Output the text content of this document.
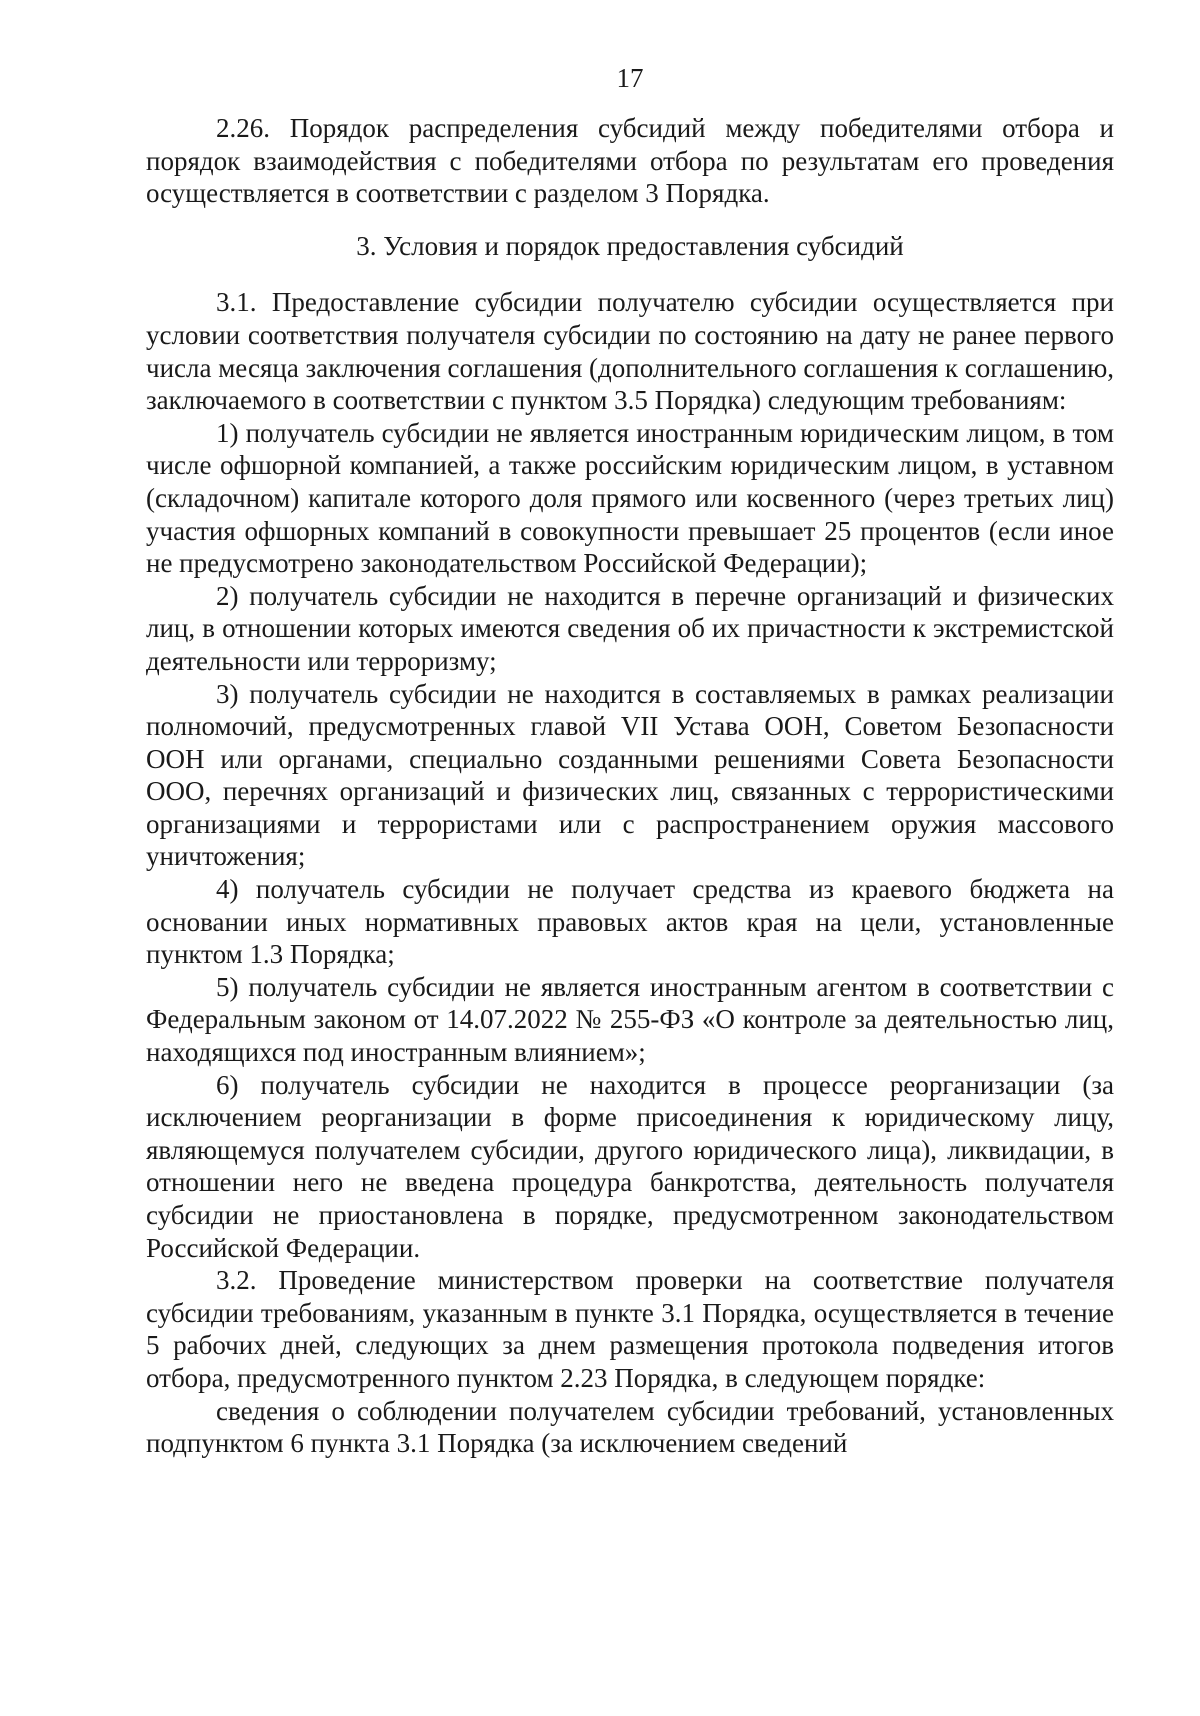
17

2.26. Порядок распределения субсидий между победителями отбора и порядок взаимодействия с победителями отбора по результатам его проведения осуществляется в соответствии с разделом 3 Порядка.

3. Условия и порядок предоставления субсидий

3.1. Предоставление субсидии получателю субсидии осуществляется при условии соответствия получателя субсидии по состоянию на дату не ранее первого числа месяца заключения соглашения (дополнительного соглашения к соглашению, заключаемого в соответствии с пунктом 3.5 Порядка) следующим требованиям:

1) получатель субсидии не является иностранным юридическим лицом, в том числе офшорной компанией, а также российским юридическим лицом, в уставном (складочном) капитале которого доля прямого или косвенного (через третьих лиц) участия офшорных компаний в совокупности превышает 25 процентов (если иное не предусмотрено законодательством Российской Федерации);

2) получатель субсидии не находится в перечне организаций и физических лиц, в отношении которых имеются сведения об их причастности к экстремистской деятельности или терроризму;

3) получатель субсидии не находится в составляемых в рамках реализации полномочий, предусмотренных главой VII Устава ООН, Советом Безопасности ООН или органами, специально созданными решениями Совета Безопасности ООО, перечнях организаций и физических лиц, связанных с террористическими организациями и террористами или с распространением оружия массового уничтожения;

4) получатель субсидии не получает средства из краевого бюджета на основании иных нормативных правовых актов края на цели, установленные пунктом 1.3 Порядка;

5) получатель субсидии не является иностранным агентом в соответствии с Федеральным законом от 14.07.2022 № 255-ФЗ «О контроле за деятельностью лиц, находящихся под иностранным влиянием»;

6) получатель субсидии не находится в процессе реорганизации (за исключением реорганизации в форме присоединения к юридическому лицу, являющемуся получателем субсидии, другого юридического лица), ликвидации, в отношении него не введена процедура банкротства, деятельность получателя субсидии не приостановлена в порядке, предусмотренном законодательством Российской Федерации.

3.2. Проведение министерством проверки на соответствие получателя субсидии требованиям, указанным в пункте 3.1 Порядка, осуществляется в течение 5 рабочих дней, следующих за днем размещения протокола подведения итогов отбора, предусмотренного пунктом 2.23 Порядка, в следующем порядке:

сведения о соблюдении получателем субсидии требований, установленных подпунктом 6 пункта 3.1 Порядка (за исключением сведений
